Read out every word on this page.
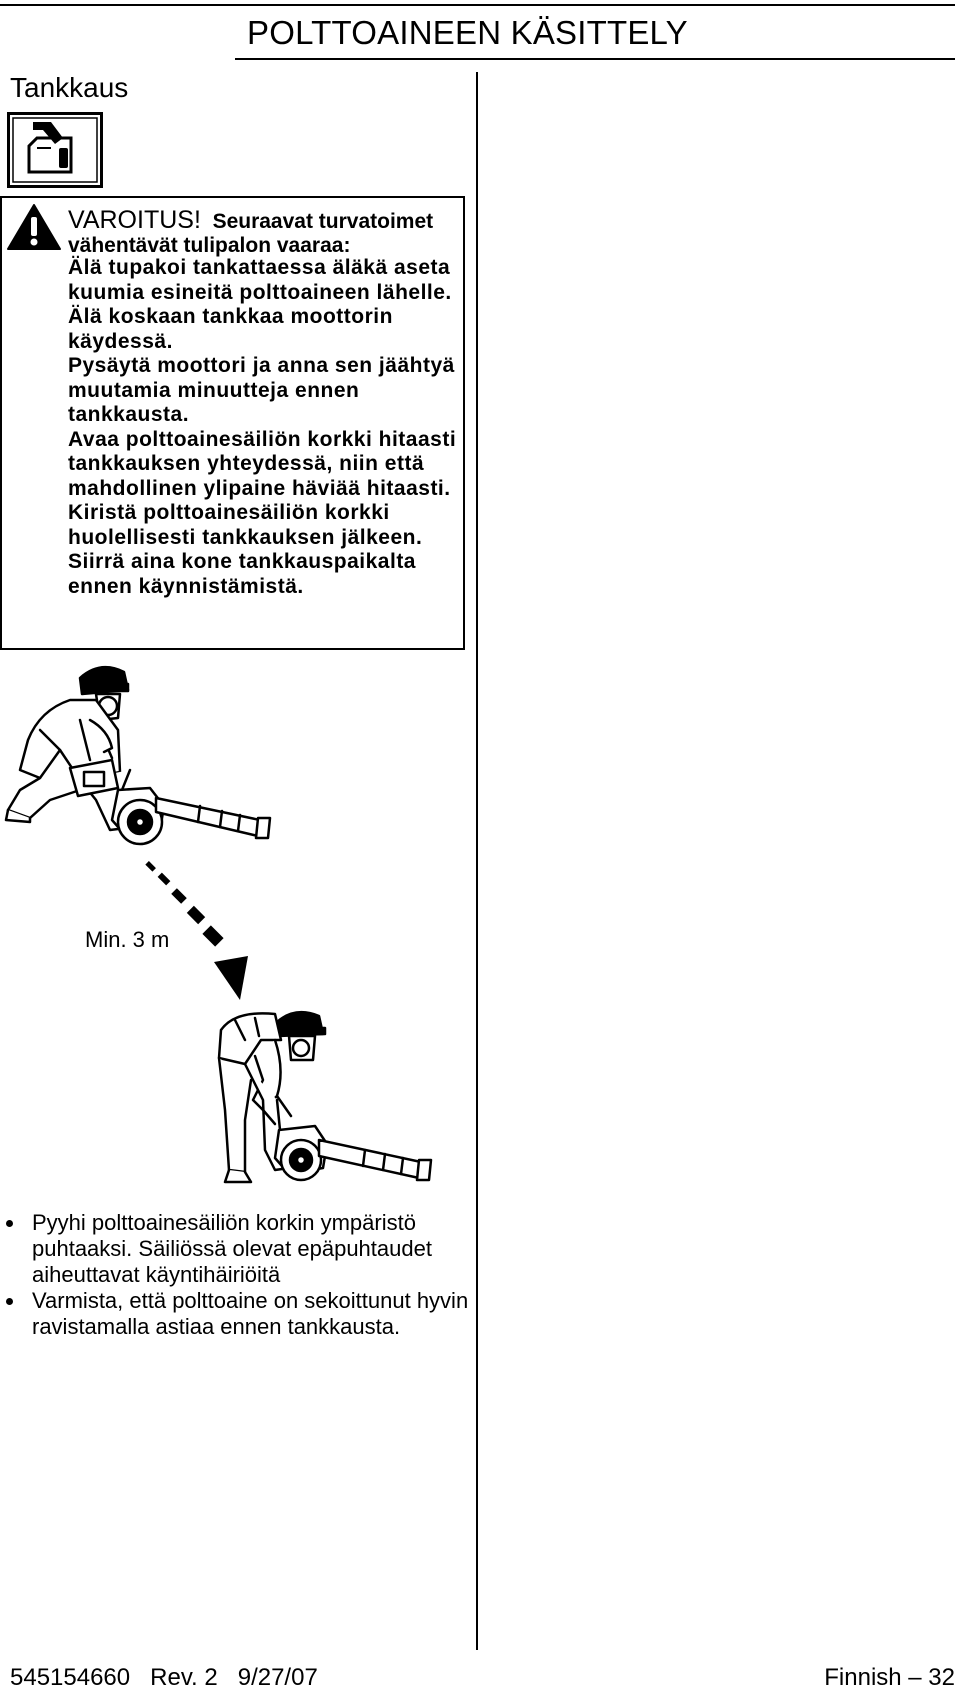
POLTTOAINEEN KÄSITTELY
Tankkaus
VAROITUS! Seuraavat turvatoimet vähentävät tulipalon vaaraa:

Älä tupakoi tankattaessa äläkä aseta kuumia esineitä polttoaineen lähelle.

Älä koskaan tankkaa moottorin käydessä.

Pysäytä moottori ja anna sen jäähtyä muutamia minuutteja ennen tankkausta.

Avaa polttoainesäiliön korkki hitaasti tankkauksen yhteydessä, niin että mahdollinen ylipaine häviää hitaasti.

Kiristä polttoainesäiliön korkki huolellisesti tankkauksen jälkeen.

Siirrä aina kone tankkauspaikalta ennen käynnistämistä.

Min. 3 m
Pyyhi polttoainesäiliön korkin ympäristö puhtaaksi. Säiliössä olevat epäpuhtaudet aiheuttavat käyntihäiriöitä
Varmista, että polttoaine on sekoittunut hyvin ravistamalla astiaa ennen tankkausta.
545154660   Rev. 2   9/27/07	Finnish – 32
